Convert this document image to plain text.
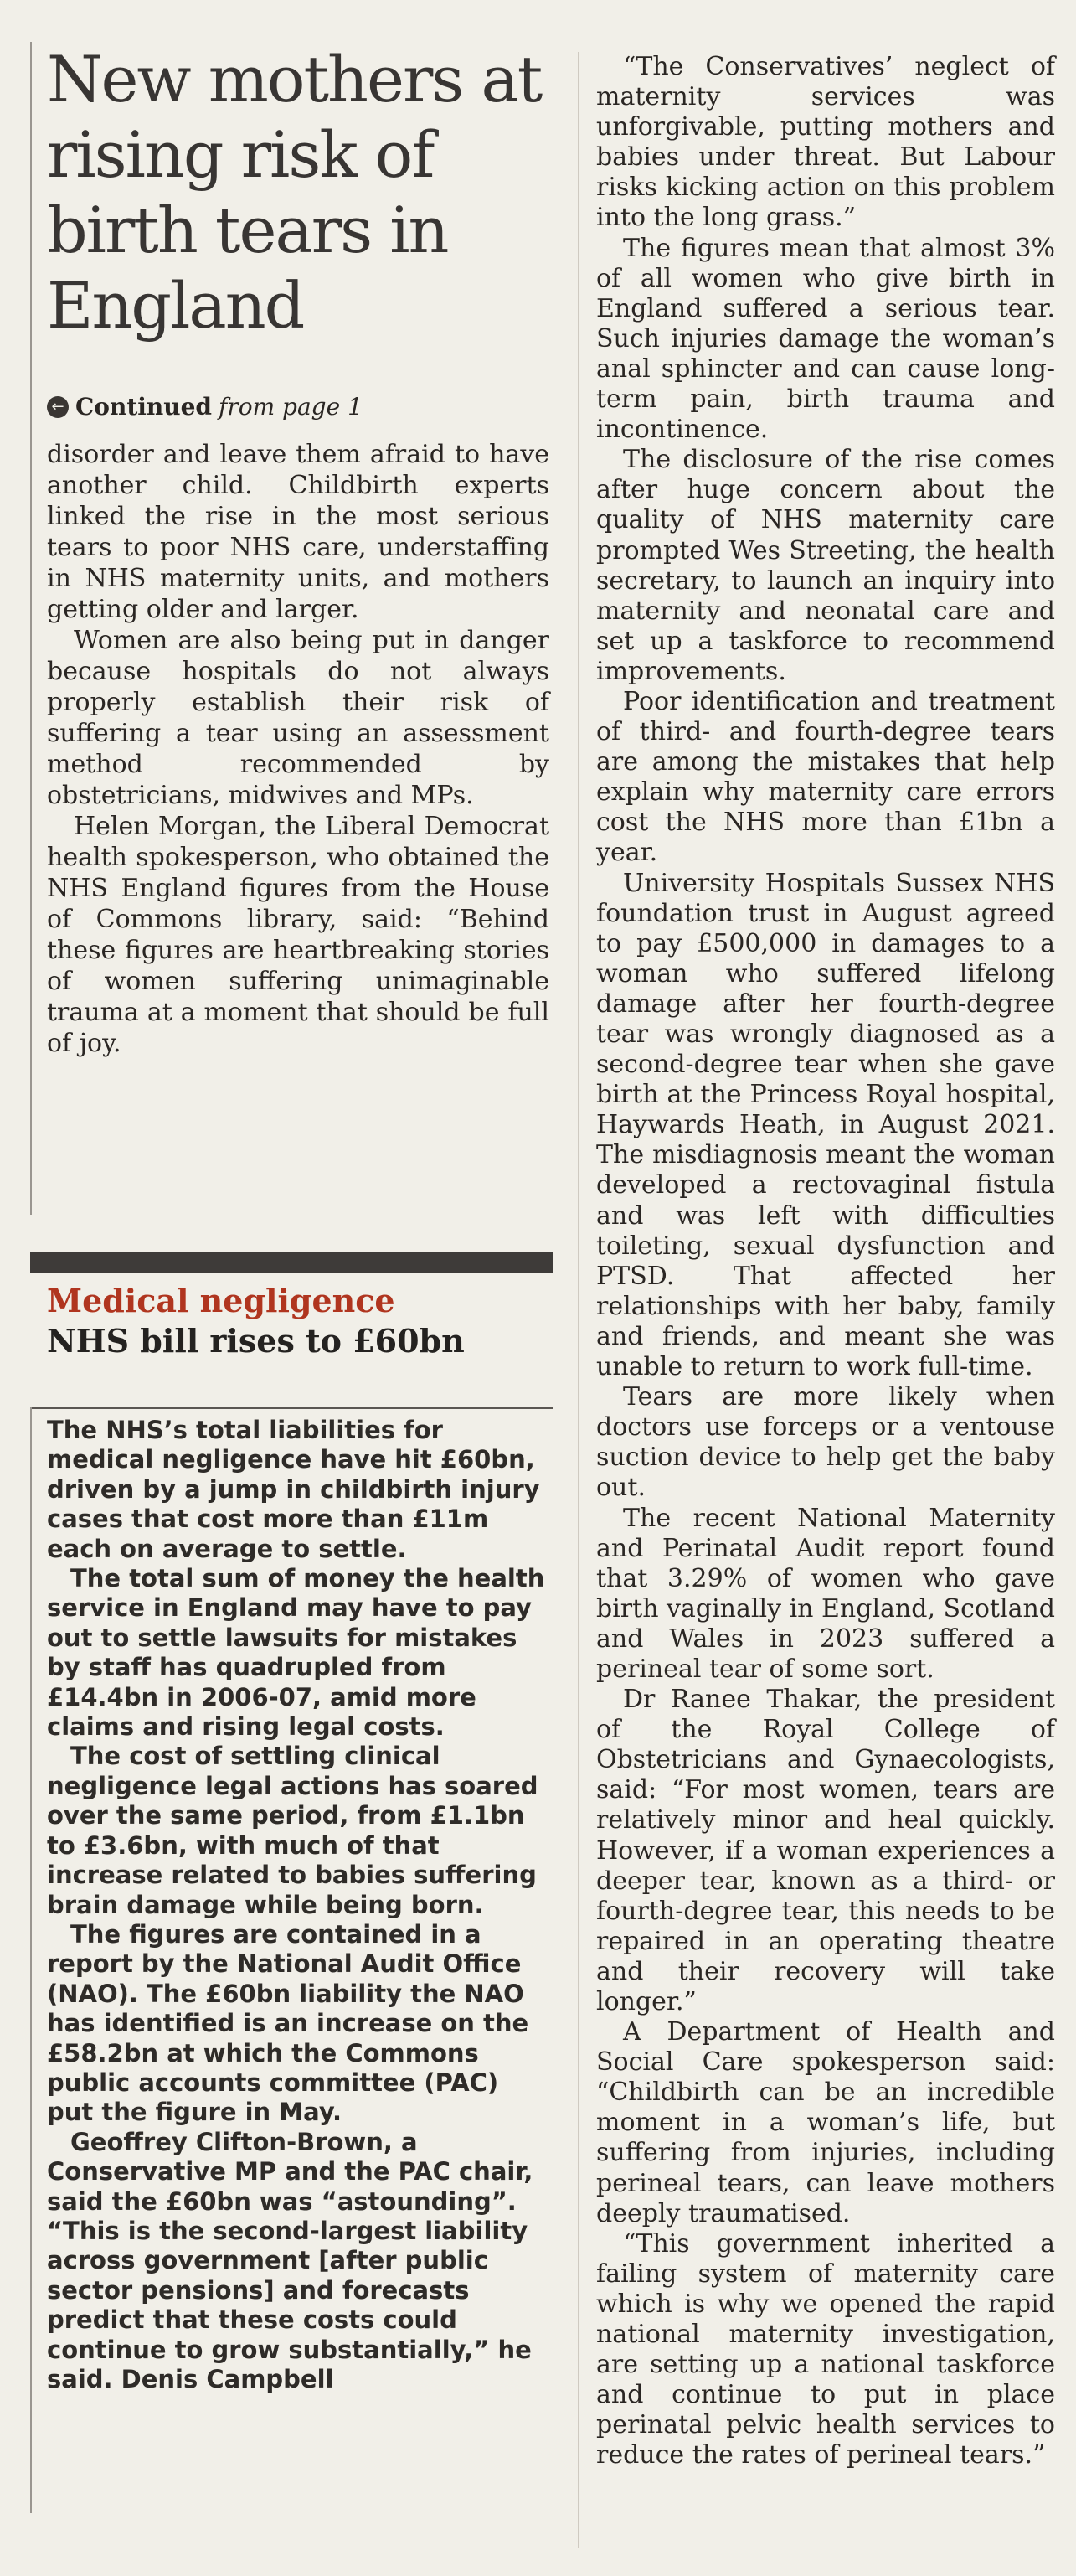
New mothers at rising risk of birth tears in England
← Continued from page 1

disorder and leave them afraid to have another child. Childbirth experts linked the rise in the most serious tears to poor NHS care, understaffing in NHS maternity units, and mothers getting older and larger.

Women are also being put in danger because hospitals do not always properly establish their risk of suffering a tear using an assessment method recommended by obstetricians, midwives and MPs.

Helen Morgan, the Liberal Democrat health spokesperson, who obtained the NHS England figures from the House of Commons library, said: “Behind these figures are heartbreaking stories of women suffering unimaginable trauma at a moment that should be full of joy.

Medical negligence
NHS bill rises to £60bn

The NHS’s total liabilities for medical negligence have hit £60bn, driven by a jump in childbirth injury cases that cost more than £11m each on average to settle.

The total sum of money the health service in England may have to pay out to settle lawsuits for mistakes by staff has quadrupled from £14.4bn in 2006-07, amid more claims and rising legal costs.

The cost of settling clinical negligence legal actions has soared over the same period, from £1.1bn to £3.6bn, with much of that increase related to babies suffering brain damage while being born.

The figures are contained in a report by the National Audit Office (NAO). The £60bn liability the NAO has identified is an increase on the £58.2bn at which the Commons public accounts committee (PAC) put the figure in May.

Geoffrey Clifton-Brown, a Conservative MP and the PAC chair, said the £60bn was “astounding”. “This is the second-largest liability across government [after public sector pensions] and forecasts predict that these costs could continue to grow substantially,” he said. Denis Campbell

“The Conservatives’ neglect of maternity services was unforgivable, putting mothers and babies under threat. But Labour risks kicking action on this problem into the long grass.”

The figures mean that almost 3% of all women who give birth in England suffered a serious tear. Such injuries damage the woman’s anal sphincter and can cause long-term pain, birth trauma and incontinence.

The disclosure of the rise comes after huge concern about the quality of NHS maternity care prompted Wes Streeting, the health secretary, to launch an inquiry into maternity and neonatal care and set up a taskforce to recommend improvements.

Poor identification and treatment of third- and fourth-degree tears are among the mistakes that help explain why maternity care errors cost the NHS more than £1bn a year.

University Hospitals Sussex NHS foundation trust in August agreed to pay £500,000 in damages to a woman who suffered lifelong damage after her fourth-degree tear was wrongly diagnosed as a second-degree tear when she gave birth at the Princess Royal hospital, Haywards Heath, in August 2021. The misdiagnosis meant the woman developed a rectovaginal fistula and was left with difficulties toileting, sexual dysfunction and PTSD. That affected her relationships with her baby, family and friends, and meant she was unable to return to work full-time.

Tears are more likely when doctors use forceps or a ventouse suction device to help get the baby out.

The recent National Maternity and Perinatal Audit report found that 3.29% of women who gave birth vaginally in England, Scotland and Wales in 2023 suffered a perineal tear of some sort.

Dr Ranee Thakar, the president of the Royal College of Obstetricians and Gynaecologists, said: “For most women, tears are relatively minor and heal quickly. However, if a woman experiences a deeper tear, known as a third- or fourth-degree tear, this needs to be repaired in an operating theatre and their recovery will take longer.”

A Department of Health and Social Care spokesperson said: “Childbirth can be an incredible moment in a woman’s life, but suffering from injuries, including perineal tears, can leave mothers deeply traumatised.

“This government inherited a failing system of maternity care which is why we opened the rapid national maternity investigation, are setting up a national taskforce and continue to put in place perinatal pelvic health services to reduce the rates of perineal tears.”
